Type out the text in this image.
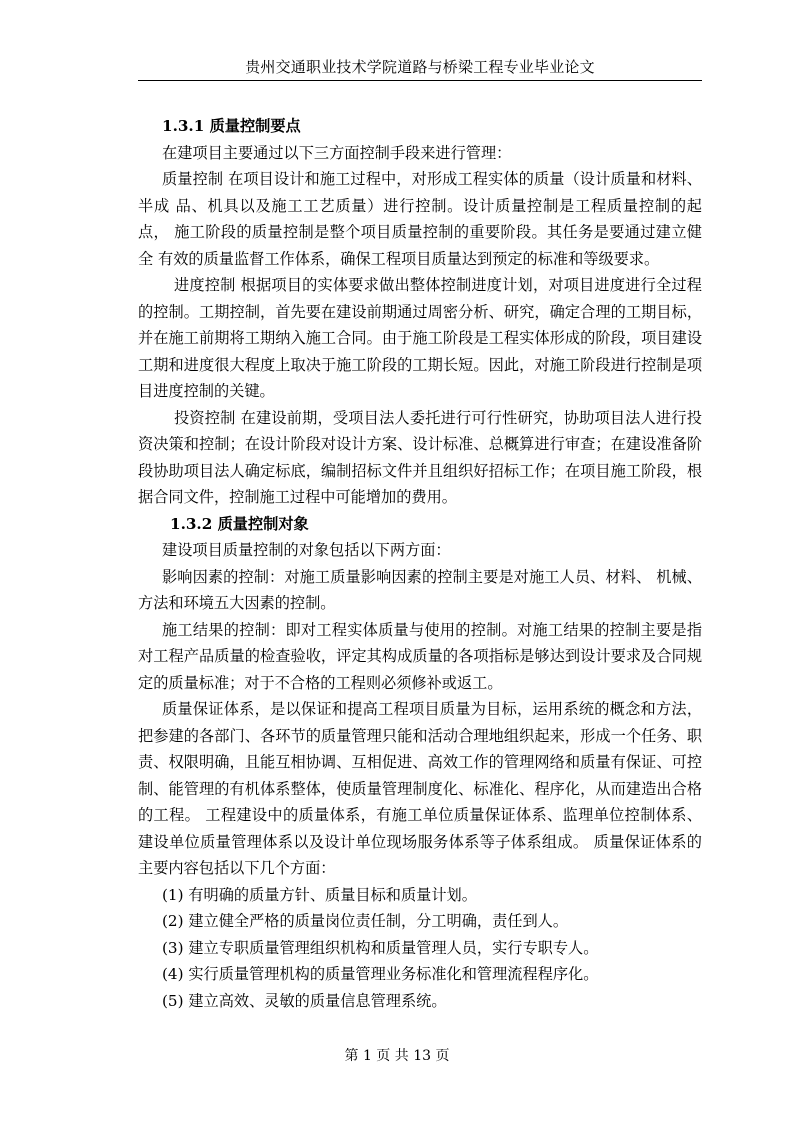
贵州交通职业技术学院道路与桥梁工程专业毕业论文

1.3.1 质量控制要点

在建项目主要通过以下三方面控制手段来进行管理：

质量控制 在项目设计和施工过程中，对形成工程实体的质量（设计质量和材料、半成 品、机具以及施工工艺质量）进行控制。设计质量控制是工程质量控制的起点， 施工阶段的质量控制是整个项目质量控制的重要阶段。其任务是要通过建立健全 有效的质量监督工作体系，确保工程项目质量达到预定的标准和等级要求。

进度控制 根据项目的实体要求做出整体控制进度计划，对项目进度进行全过程的控制。工期控制，首先要在建设前期通过周密分析、研究，确定合理的工期目标，并在施工前期将工期纳入施工合同。由于施工阶段是工程实体形成的阶段，项目建设工期和进度很大程度上取决于施工阶段的工期长短。因此，对施工阶段进行控制是项目进度控制的关键。

投资控制 在建设前期，受项目法人委托进行可行性研究，协助项目法人进行投资决策和控制；在设计阶段对设计方案、设计标准、总概算进行审查；在建设准备阶段协助项目法人确定标底，编制招标文件并且组织好招标工作；在项目施工阶段，根据合同文件，控制施工过程中可能增加的费用。

1.3.2 质量控制对象

建设项目质量控制的对象包括以下两方面：

影响因素的控制：对施工质量影响因素的控制主要是对施工人员、材料、 机械、方法和环境五大因素的控制。

施工结果的控制：即对工程实体质量与使用的控制。对施工结果的控制主要是指对工程产品质量的检查验收，评定其构成质量的各项指标是够达到设计要求及合同规定的质量标准；对于不合格的工程则必须修补或返工。

质量保证体系，是以保证和提高工程项目质量为目标，运用系统的概念和方法，把参建的各部门、各环节的质量管理只能和活动合理地组织起来，形成一个任务、职责、权限明确，且能互相协调、互相促进、高效工作的管理网络和质量有保证、可控制、能管理的有机体系整体，使质量管理制度化、标准化、程序化，从而建造出合格的工程。 工程建设中的质量体系，有施工单位质量保证体系、监理单位控制体系、建设单位质量管理体系以及设计单位现场服务体系等子体系组成。 质量保证体系的主要内容包括以下几个方面：

(1) 有明确的质量方针、质量目标和质量计划。

(2) 建立健全严格的质量岗位责任制，分工明确，责任到人。

(3) 建立专职质量管理组织机构和质量管理人员，实行专职专人。

(4) 实行质量管理机构的质量管理业务标准化和管理流程程序化。

(5) 建立高效、灵敏的质量信息管理系统。

第 1 页 共 13 页
